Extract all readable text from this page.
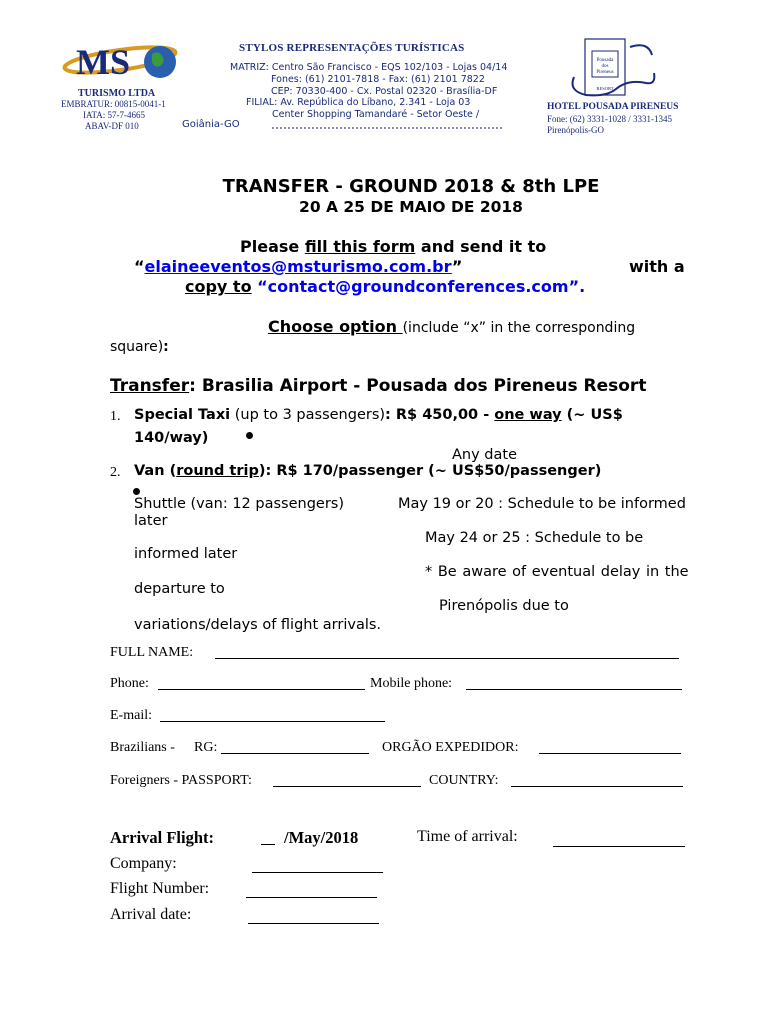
MS
TURISMO LTDA
EMBRATUR: 00815-0041-1
IATA: 57-7-4665
ABAV-DF 010	Goiânia-GO
STYLOS REPRESENTAÇÕES TURÍSTICAS
MATRIZ: Centro São Francisco - EQS 102/103 - Lojas 04/14
Fones: (61) 2101-7818 - Fax: (61) 2101 7822
CEP: 70330-400 - Cx. Postal 02320 - Brasília-DF
FILIAL: Av. República do Líbano, 2.341 - Loja 03
Center Shopping Tamandaré - Setor Oeste /
Pousada
dos
Pireneus
RESORT
HOTEL POUSADA PIRENEUS
Fone: (62) 3331-1028 / 3331-1345
Pirenópolis-GO
TRANSFER - GROUND 2018 & 8th LPE
20 A 25 DE MAIO DE 2018
Please fill this form and send it to
“elaineeventos@msturismo.com.br”	with a
copy to “contact@groundconferences.com”.
Choose option (include “x” in the corresponding
square):
Transfer: Brasilia Airport - Pousada dos Pireneus Resort
1. Special Taxi (up to 3 passengers): R$ 450,00 - one way (~ US$
140/way)
Any date
2. Van (round trip): R$ 170/passenger (~ US$50/passenger)
Shuttle (van: 12 passengers)	May 19 or 20 : Schedule to be informed
later
May 24 or 25 : Schedule to be
informed later
* Be aware of eventual delay in the
departure to
Pirenópolis due to
variations/delays of flight arrivals.
FULL NAME:
Phone:	Mobile phone:
E-mail:
Brazilians - RG:	ORGÃO EXPEDIDOR:
Foreigners - PASSPORT:	COUNTRY:
Arrival Flight:	/May/2018	Time of arrival:
Company:
Flight Number:
Arrival date:
